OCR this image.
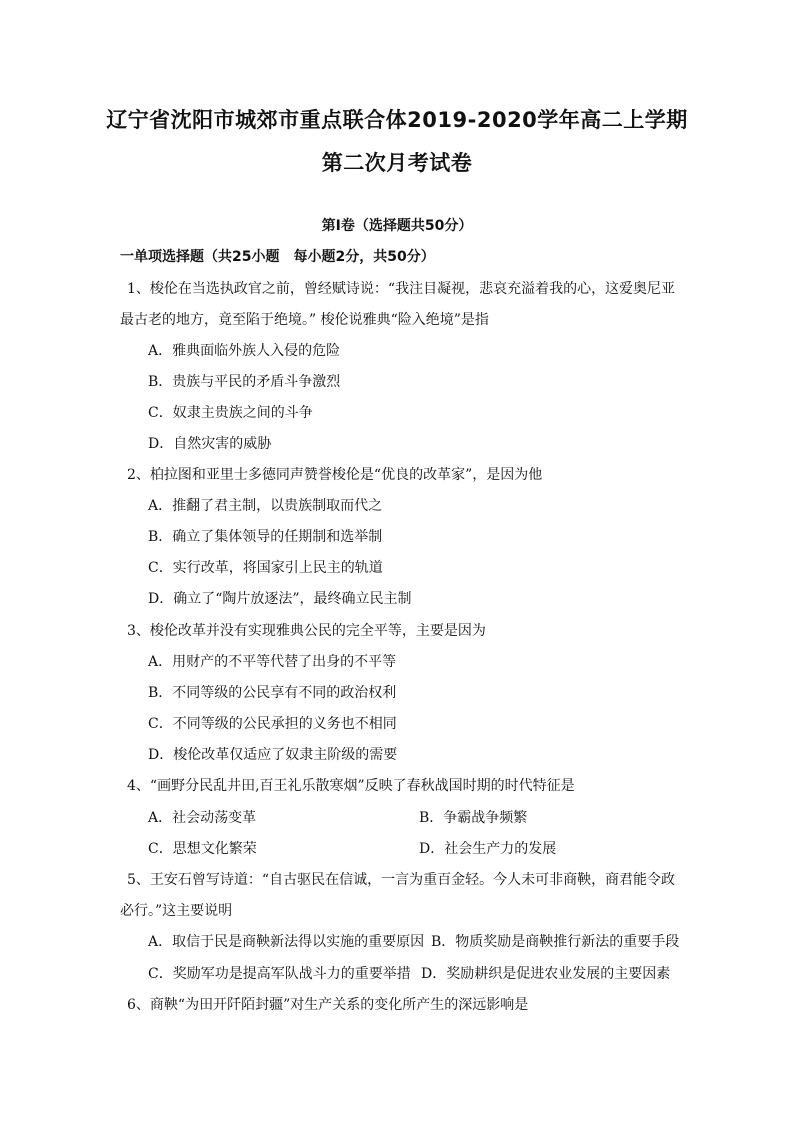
辽宁省沈阳市城郊市重点联合体2019-2020学年高二上学期
第二次月考试卷
第Ⅰ卷（选择题共50分）
一单项选择题（共25小题　每小题2分，共50分）
1、梭伦在当选执政官之前，曾经赋诗说：“我注目凝视，悲哀充溢着我的心，这爱奥尼亚
最古老的地方，竟至陷于绝境。” 梭伦说雅典“险入绝境”是指
A．雅典面临外族人入侵的危险
B．贵族与平民的矛盾斗争激烈
C．奴隶主贵族之间的斗争
D．自然灾害的威胁
2、柏拉图和亚里士多德同声赞誉梭伦是“优良的改革家”，是因为他
A．推翻了君主制，以贵族制取而代之
B．确立了集体领导的任期制和选举制
C．实行改革，将国家引上民主的轨道
D．确立了“陶片放逐法”，最终确立民主制
3、梭伦改革并没有实现雅典公民的完全平等，主要是因为
A．用财产的不平等代替了出身的不平等
B．不同等级的公民享有不同的政治权利
C．不同等级的公民承担的义务也不相同
D．梭伦改革仅适应了奴隶主阶级的需要
4、“画野分民乱井田,百王礼乐散寒烟”反映了春秋战国时期的时代特征是
A．社会动荡变革	B．争霸战争频繁
C．思想文化繁荣	D．社会生产力的发展
5、王安石曾写诗道：“自古驱民在信诚，一言为重百金轻。今人未可非商鞅，商君能令政
必行。”这主要说明
A．取信于民是商鞅新法得以实施的重要原因 B．物质奖励是商鞅推行新法的重要手段
C．奖励军功是提高军队战斗力的重要举措 D．奖励耕织是促进农业发展的主要因素
6、商鞅“为田开阡陌封疆”对生产关系的变化所产生的深远影响是
